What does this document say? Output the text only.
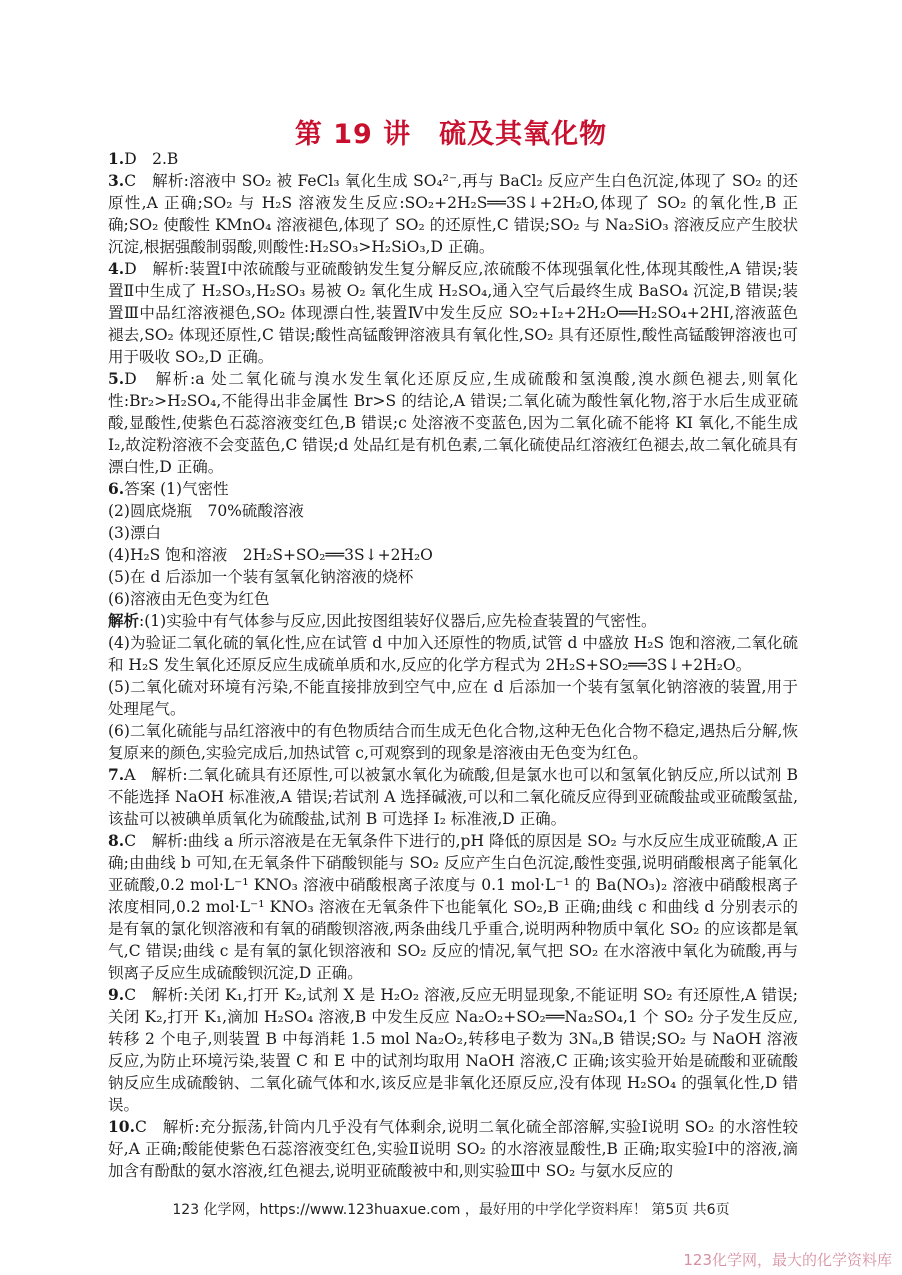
第 19 讲　硫及其氧化物

1.D　2.B

3.C　解析:溶液中 SO₂ 被 FeCl₃ 氧化生成 SO₄²⁻,再与 BaCl₂ 反应产生白色沉淀,体现了 SO₂ 的还原性,A 正确;SO₂ 与 H₂S 溶液发生反应:SO₂+2H₂S══3S↓+2H₂O,体现了 SO₂ 的氧化性,B 正确;SO₂ 使酸性 KMnO₄ 溶液褪色,体现了 SO₂ 的还原性,C 错误;SO₂ 与 Na₂SiO₃ 溶液反应产生胶状沉淀,根据强酸制弱酸,则酸性:H₂SO₃>H₂SiO₃,D 正确。

4.D　解析:装置Ⅰ中浓硫酸与亚硫酸钠发生复分解反应,浓硫酸不体现强氧化性,体现其酸性,A 错误;装置Ⅱ中生成了 H₂SO₃,H₂SO₃ 易被 O₂ 氧化生成 H₂SO₄,通入空气后最终生成 BaSO₄ 沉淀,B 错误;装置Ⅲ中品红溶液褪色,SO₂ 体现漂白性,装置Ⅳ中发生反应 SO₂+I₂+2H₂O══H₂SO₄+2HI,溶液蓝色褪去,SO₂ 体现还原性,C 错误;酸性高锰酸钾溶液具有氧化性,SO₂ 具有还原性,酸性高锰酸钾溶液也可用于吸收 SO₂,D 正确。

5.D　解析:a 处二氧化硫与溴水发生氧化还原反应,生成硫酸和氢溴酸,溴水颜色褪去,则氧化性:Br₂>H₂SO₄,不能得出非金属性 Br>S 的结论,A 错误;二氧化硫为酸性氧化物,溶于水后生成亚硫酸,显酸性,使紫色石蕊溶液变红色,B 错误;c 处溶液不变蓝色,因为二氧化硫不能将 KI 氧化,不能生成 I₂,故淀粉溶液不会变蓝色,C 错误;d 处品红是有机色素,二氧化硫使品红溶液红色褪去,故二氧化硫具有漂白性,D 正确。

6.答案 (1)气密性

(2)圆底烧瓶　70%硫酸溶液

(3)漂白

(4)H₂S 饱和溶液　2H₂S+SO₂══3S↓+2H₂O

(5)在 d 后添加一个装有氢氧化钠溶液的烧杯

(6)溶液由无色变为红色

解析:(1)实验中有气体参与反应,因此按图组装好仪器后,应先检查装置的气密性。

(4)为验证二氧化硫的氧化性,应在试管 d 中加入还原性的物质,试管 d 中盛放 H₂S 饱和溶液,二氧化硫和 H₂S 发生氧化还原反应生成硫单质和水,反应的化学方程式为 2H₂S+SO₂══3S↓+2H₂O。

(5)二氧化硫对环境有污染,不能直接排放到空气中,应在 d 后添加一个装有氢氧化钠溶液的装置,用于处理尾气。

(6)二氧化硫能与品红溶液中的有色物质结合而生成无色化合物,这种无色化合物不稳定,遇热后分解,恢复原来的颜色,实验完成后,加热试管 c,可观察到的现象是溶液由无色变为红色。

7.A　解析:二氧化硫具有还原性,可以被氯水氧化为硫酸,但是氯水也可以和氢氧化钠反应,所以试剂 B 不能选择 NaOH 标准液,A 错误;若试剂 A 选择碱液,可以和二氧化硫反应得到亚硫酸盐或亚硫酸氢盐,该盐可以被碘单质氧化为硫酸盐,试剂 B 可选择 I₂ 标准液,D 正确。

8.C　解析:曲线 a 所示溶液是在无氧条件下进行的,pH 降低的原因是 SO₂ 与水反应生成亚硫酸,A 正确;由曲线 b 可知,在无氧条件下硝酸钡能与 SO₂ 反应产生白色沉淀,酸性变强,说明硝酸根离子能氧化亚硫酸,0.2 mol·L⁻¹ KNO₃ 溶液中硝酸根离子浓度与 0.1 mol·L⁻¹ 的 Ba(NO₃)₂ 溶液中硝酸根离子浓度相同,0.2 mol·L⁻¹ KNO₃ 溶液在无氧条件下也能氧化 SO₂,B 正确;曲线 c 和曲线 d 分别表示的是有氧的氯化钡溶液和有氧的硝酸钡溶液,两条曲线几乎重合,说明两种物质中氧化 SO₂ 的应该都是氧气,C 错误;曲线 c 是有氧的氯化钡溶液和 SO₂ 反应的情况,氧气把 SO₂ 在水溶液中氧化为硫酸,再与钡离子反应生成硫酸钡沉淀,D 正确。

9.C　解析:关闭 K₁,打开 K₂,试剂 X 是 H₂O₂ 溶液,反应无明显现象,不能证明 SO₂ 有还原性,A 错误;关闭 K₂,打开 K₁,滴加 H₂SO₄ 溶液,B 中发生反应 Na₂O₂+SO₂══Na₂SO₄,1 个 SO₂ 分子发生反应,转移 2 个电子,则装置 B 中每消耗 1.5 mol Na₂O₂,转移电子数为 3Nₐ,B 错误;SO₂ 与 NaOH 溶液反应,为防止环境污染,装置 C 和 E 中的试剂均取用 NaOH 溶液,C 正确;该实验开始是硫酸和亚硫酸钠反应生成硫酸钠、二氧化硫气体和水,该反应是非氧化还原反应,没有体现 H₂SO₄ 的强氧化性,D 错误。

10.C　解析:充分振荡,针筒内几乎没有气体剩余,说明二氧化硫全部溶解,实验Ⅰ说明 SO₂ 的水溶性较好,A 正确;酸能使紫色石蕊溶液变红色,实验Ⅱ说明 SO₂ 的水溶液显酸性,B 正确;取实验Ⅰ中的溶液,滴加含有酚酞的氨水溶液,红色褪去,说明亚硫酸被中和,则实验Ⅲ中 SO₂ 与氨水反应的

123 化学网，https://www.123huaxue.com ，最好用的中学化学资料库！ 第5页 共6页
123化学网，最大的化学资料库
